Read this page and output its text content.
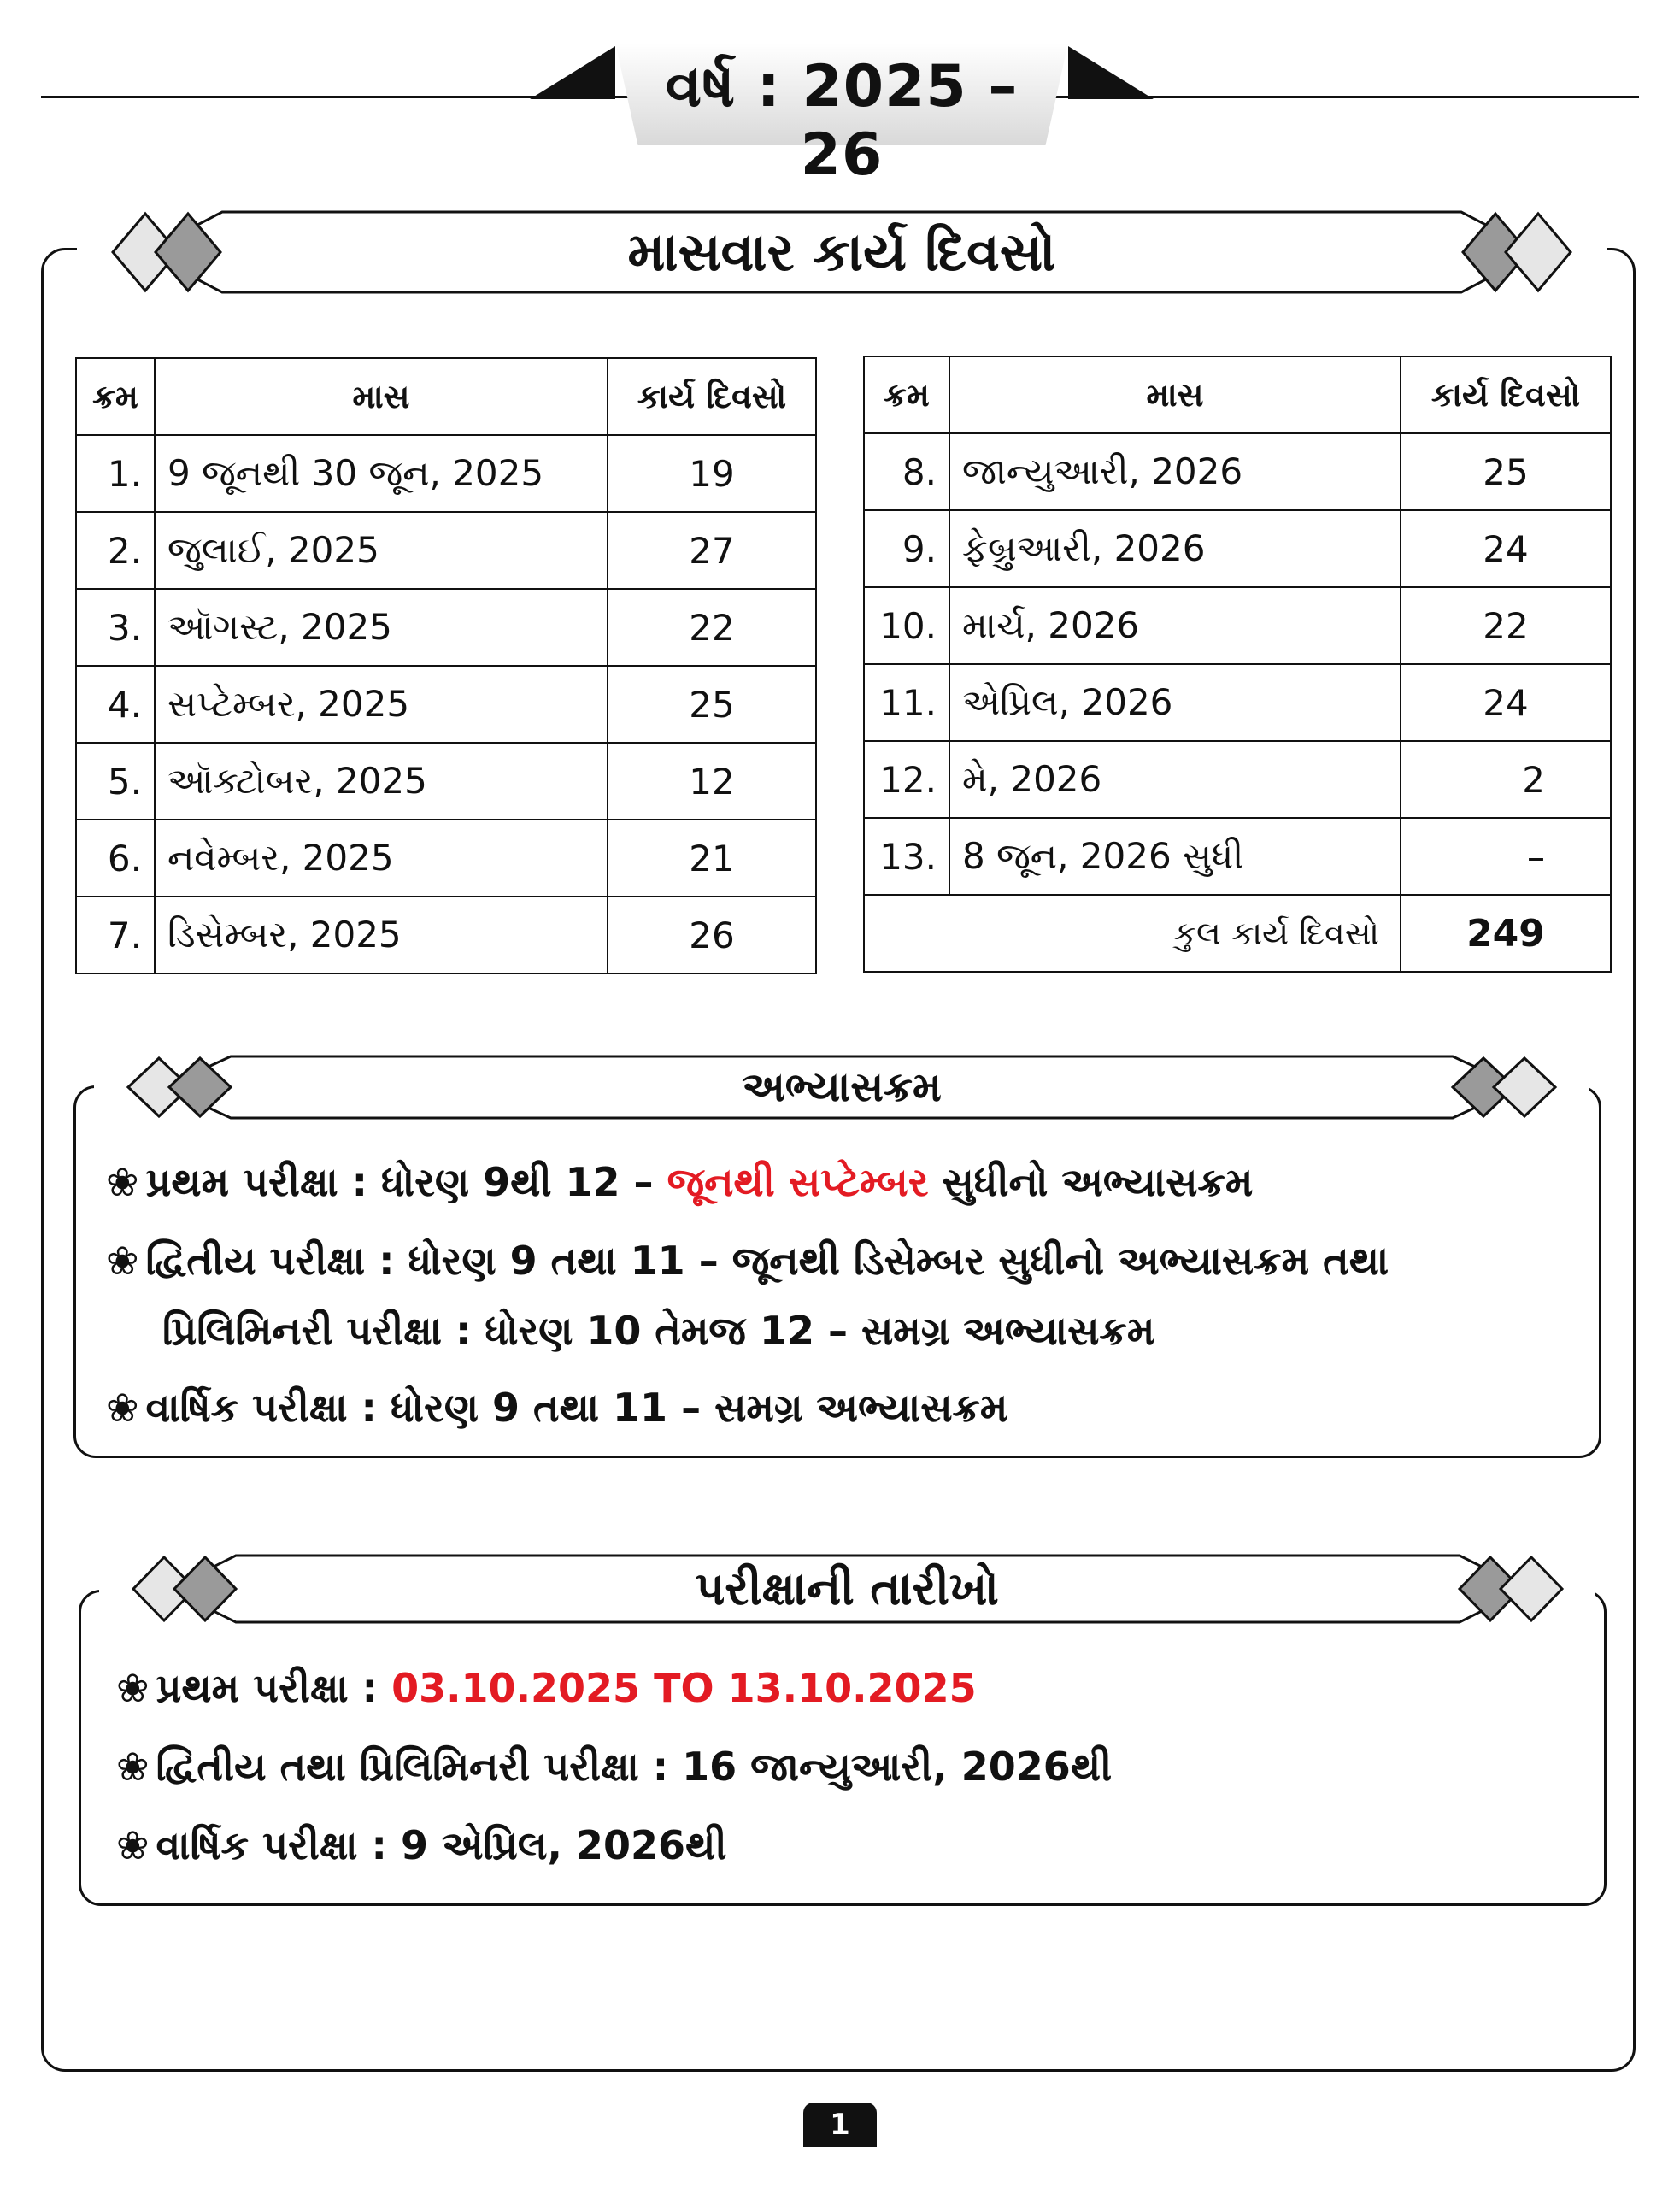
વર્ષ : 2025 – 26
માસવાર કાર્ય દિવસો
ક્રમ	માસ	કાર્ય દિવસો
1.	9 જૂનથી 30 જૂન, 2025	19
2.	જુલાઈ, 2025	27
3.	ઑગસ્ટ, 2025	22
4.	સપ્ટેમ્બર, 2025	25
5.	ઑક્ટોબર, 2025	12
6.	નવેમ્બર, 2025	21
7.	ડિસેમ્બર, 2025	26
ક્રમ	માસ	કાર્ય દિવસો
8.	જાન્યુઆરી, 2026	25
9.	ફેબ્રુઆરી, 2026	24
10.	માર્ચ, 2026	22
11.	એપ્રિલ, 2026	24
12.	મે, 2026	2
13.	8 જૂન, 2026 સુધી	–
કુલ કાર્ય દિવસો		249
અભ્યાસક્રમ
❀ પ્રથમ પરીક્ષા : ધોરણ 9થી 12 – જૂનથી સપ્ટેમ્બર સુધીનો અભ્યાસક્રમ
❀ દ્વિતીય પરીક્ષા : ધોરણ 9 તથા 11 – જૂનથી ડિસેમ્બર સુધીનો અભ્યાસક્રમ તથા
પ્રિલિમિનરી પરીક્ષા : ધોરણ 10 તેમજ 12 – સમગ્ર અભ્યાસક્રમ
❀ વાર્ષિક પરીક્ષા : ધોરણ 9 તથા 11 – સમગ્ર અભ્યાસક્રમ
પરીક્ષાની તારીખો
❀ પ્રથમ પરીક્ષા : 03.10.2025 TO 13.10.2025
❀ દ્વિતીય તથા પ્રિલિમિનરી પરીક્ષા : 16 જાન્યુઆરી, 2026થી
❀ વાર્ષિક પરીક્ષા : 9 એપ્રિલ, 2026થી
1
